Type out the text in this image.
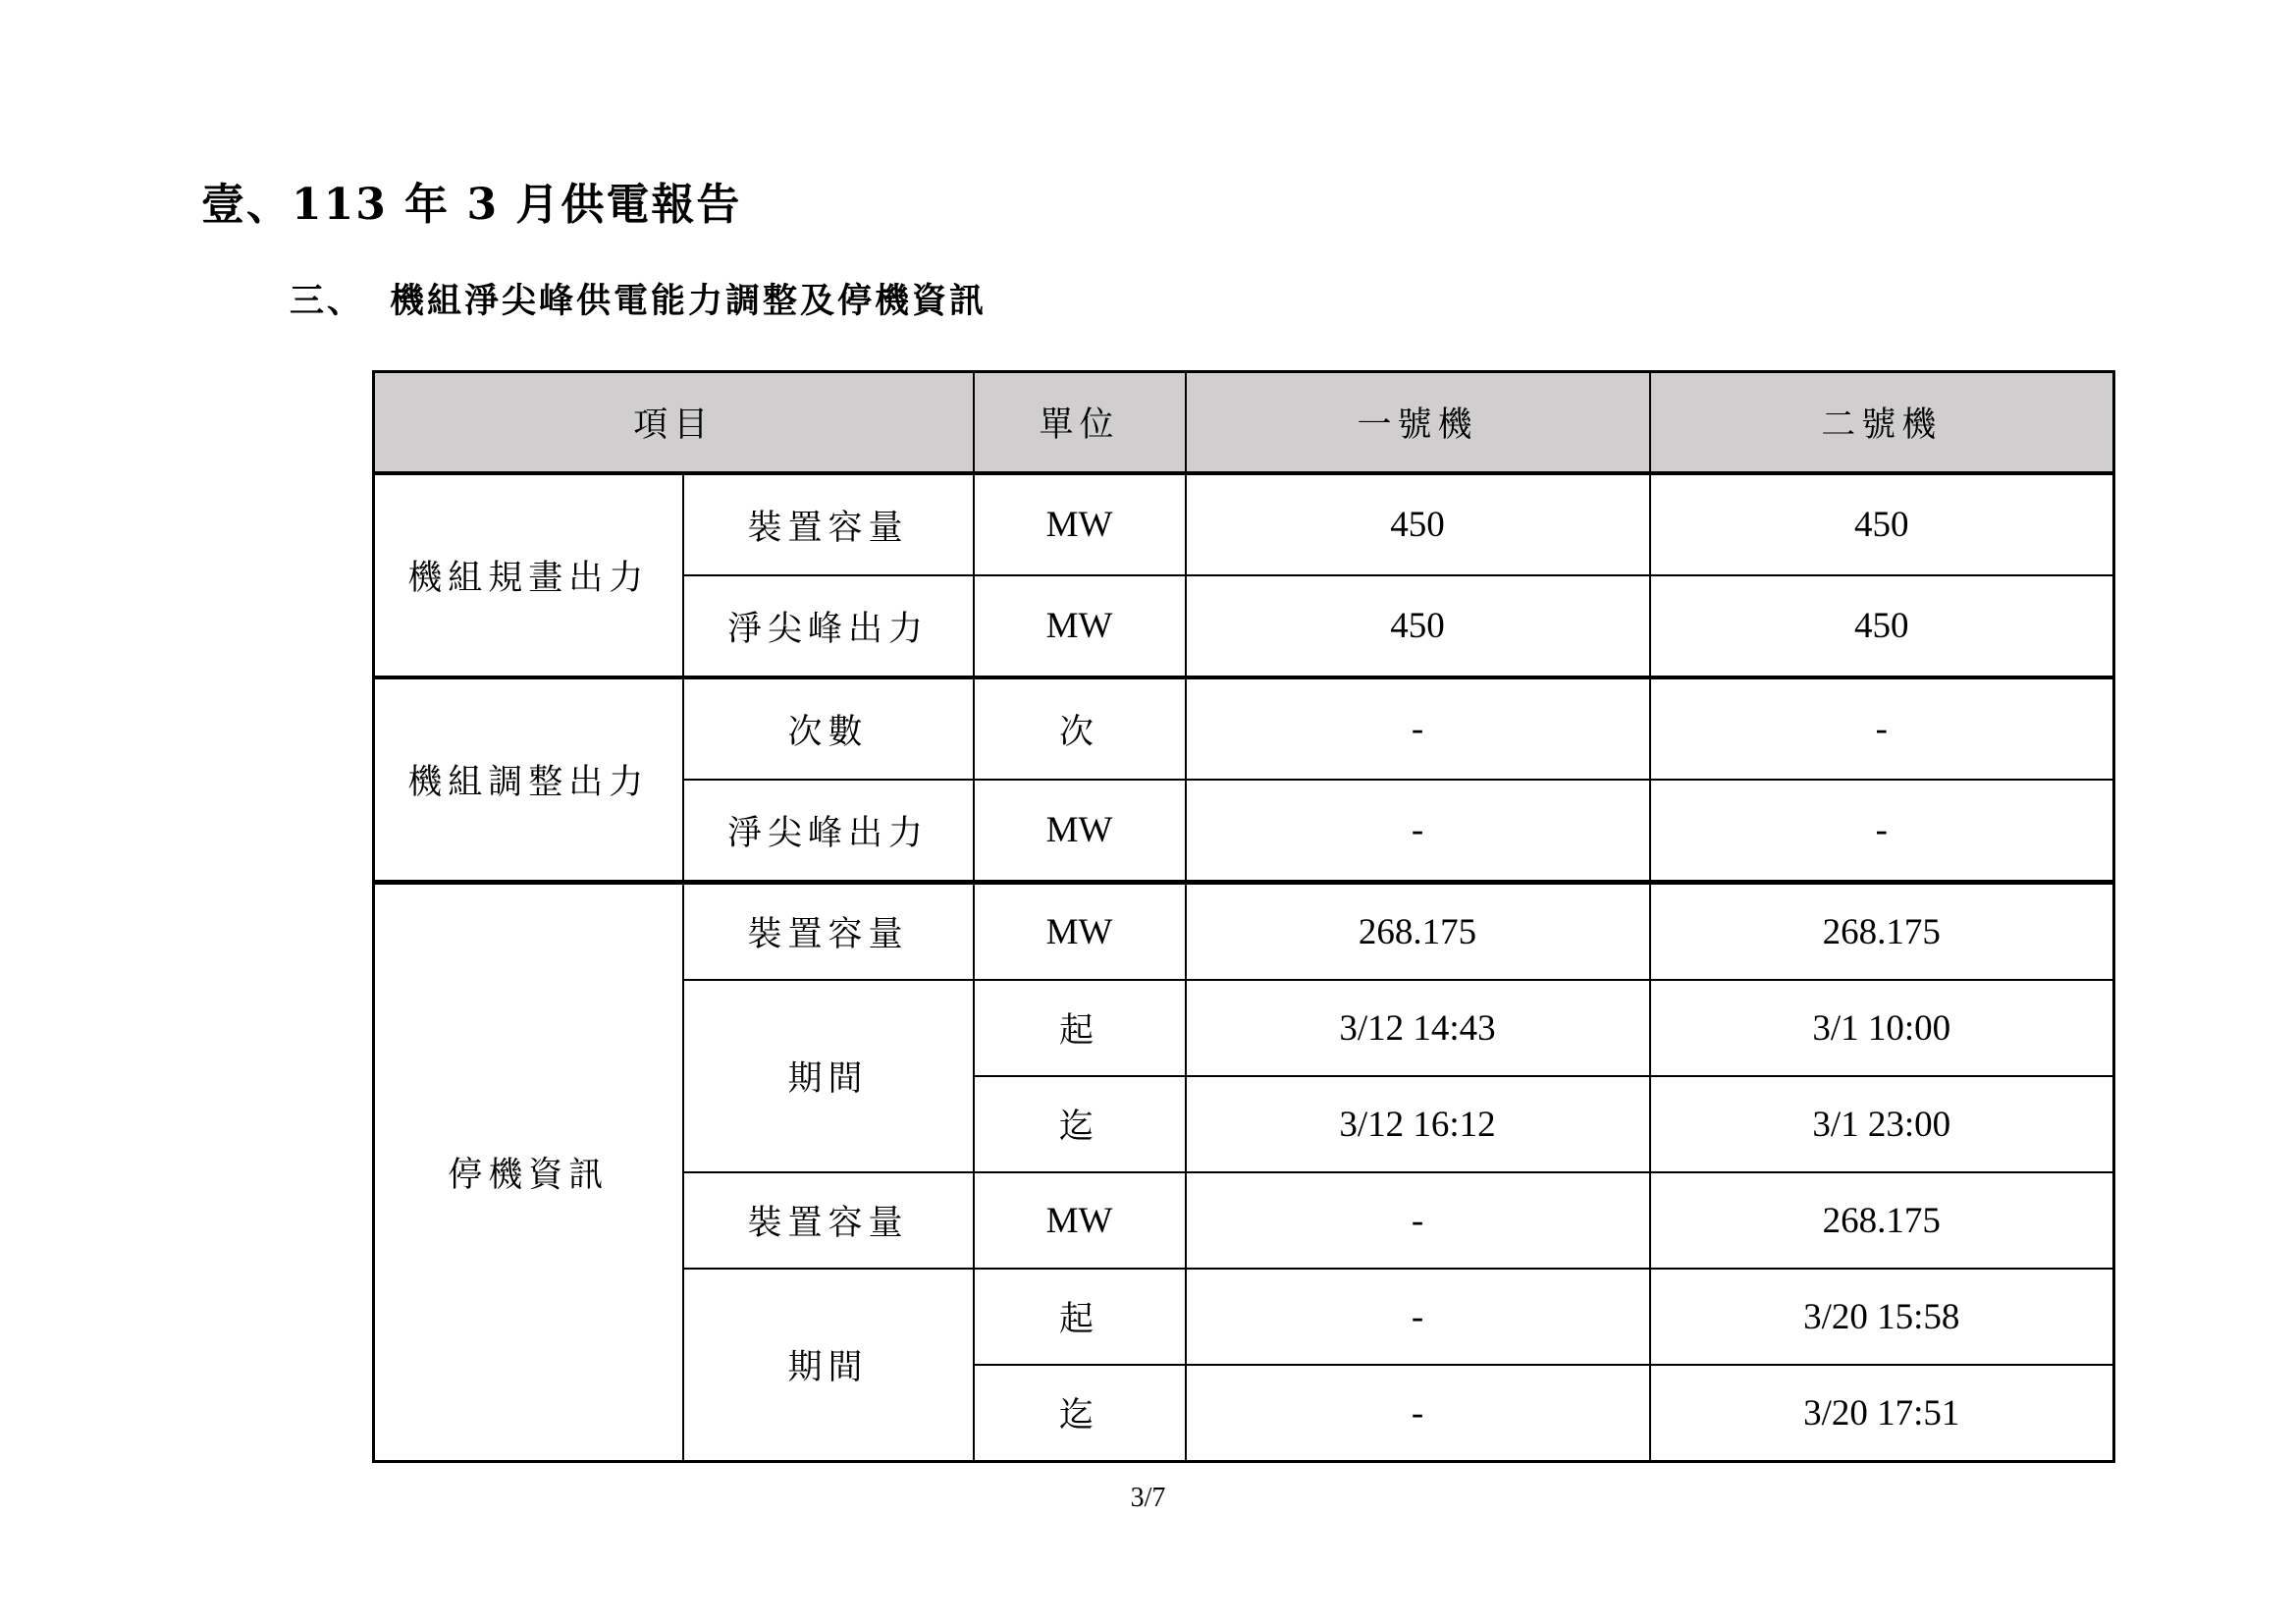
壹、113 年 3 月供電報告
三、 機組淨尖峰供電能力調整及停機資訊
項目		單位	一號機	二號機
機組規畫出力	裝置容量	MW	450	450
	淨尖峰出力	MW	450	450
機組調整出力	次數	次	-	-
	淨尖峰出力	MW	-	-
停機資訊	裝置容量	MW	268.175	268.175
	期間	起	3/12 14:43	3/1 10:00
		迄	3/12 16:12	3/1 23:00
	裝置容量	MW	-	268.175
	期間	起	-	3/20 15:58
		迄	-	3/20 17:51
3/7
